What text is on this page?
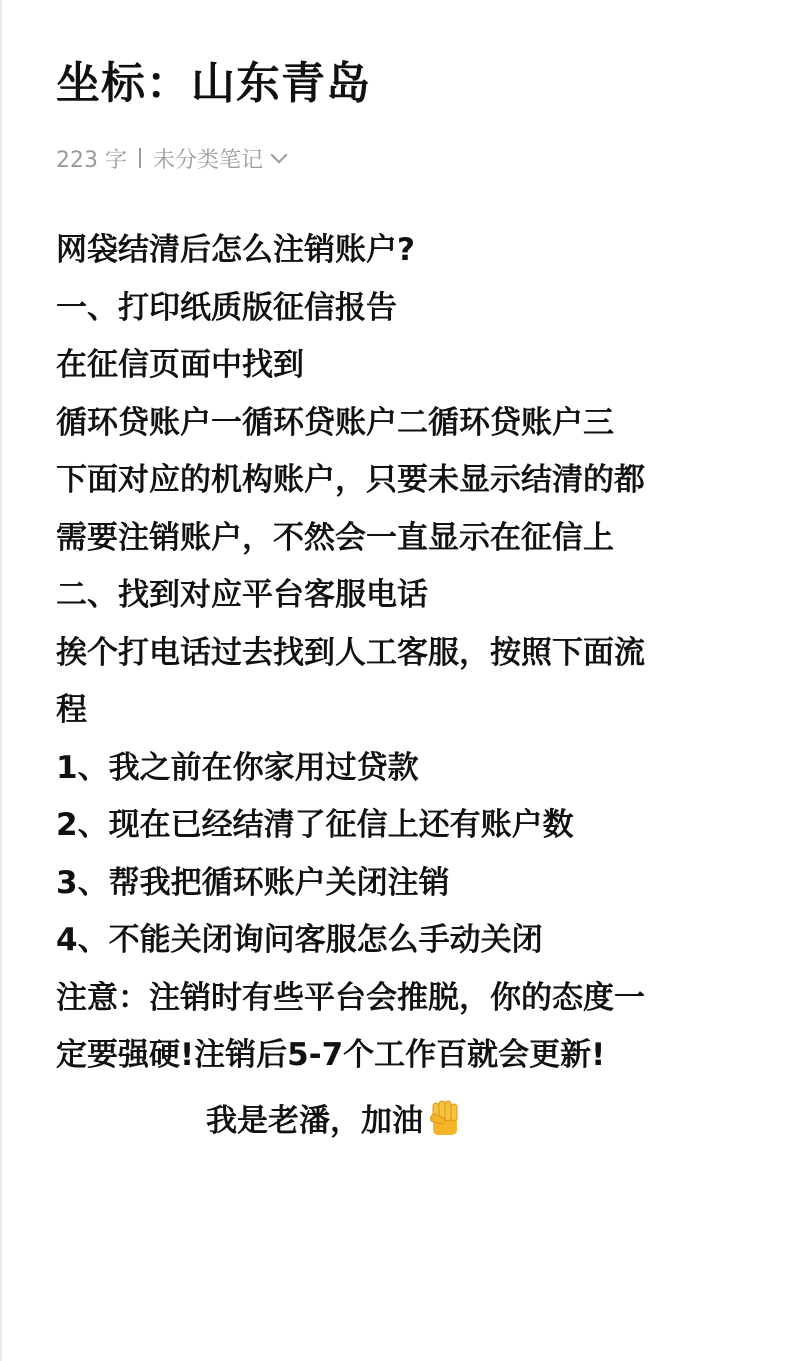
坐标：山东青岛
223 字 未分类笔记
网袋结清后怎么注销账户?
一、打印纸质版征信报告
在征信页面中找到
循环贷账户一循环贷账户二循环贷账户三
下面对应的机构账户，只要未显示结清的都
需要注销账户，不然会一直显示在征信上
二、找到对应平台客服电话
挨个打电话过去找到人工客服，按照下面流
程
1、我之前在你家用过贷款
2、现在已经结清了征信上还有账户数
3、帮我把循环账户关闭注销
4、不能关闭询问客服怎么手动关闭
注意：注销时有些平台会推脱，你的态度一
定要强硬!注销后5-7个工作百就会更新!
我是老潘，加油
